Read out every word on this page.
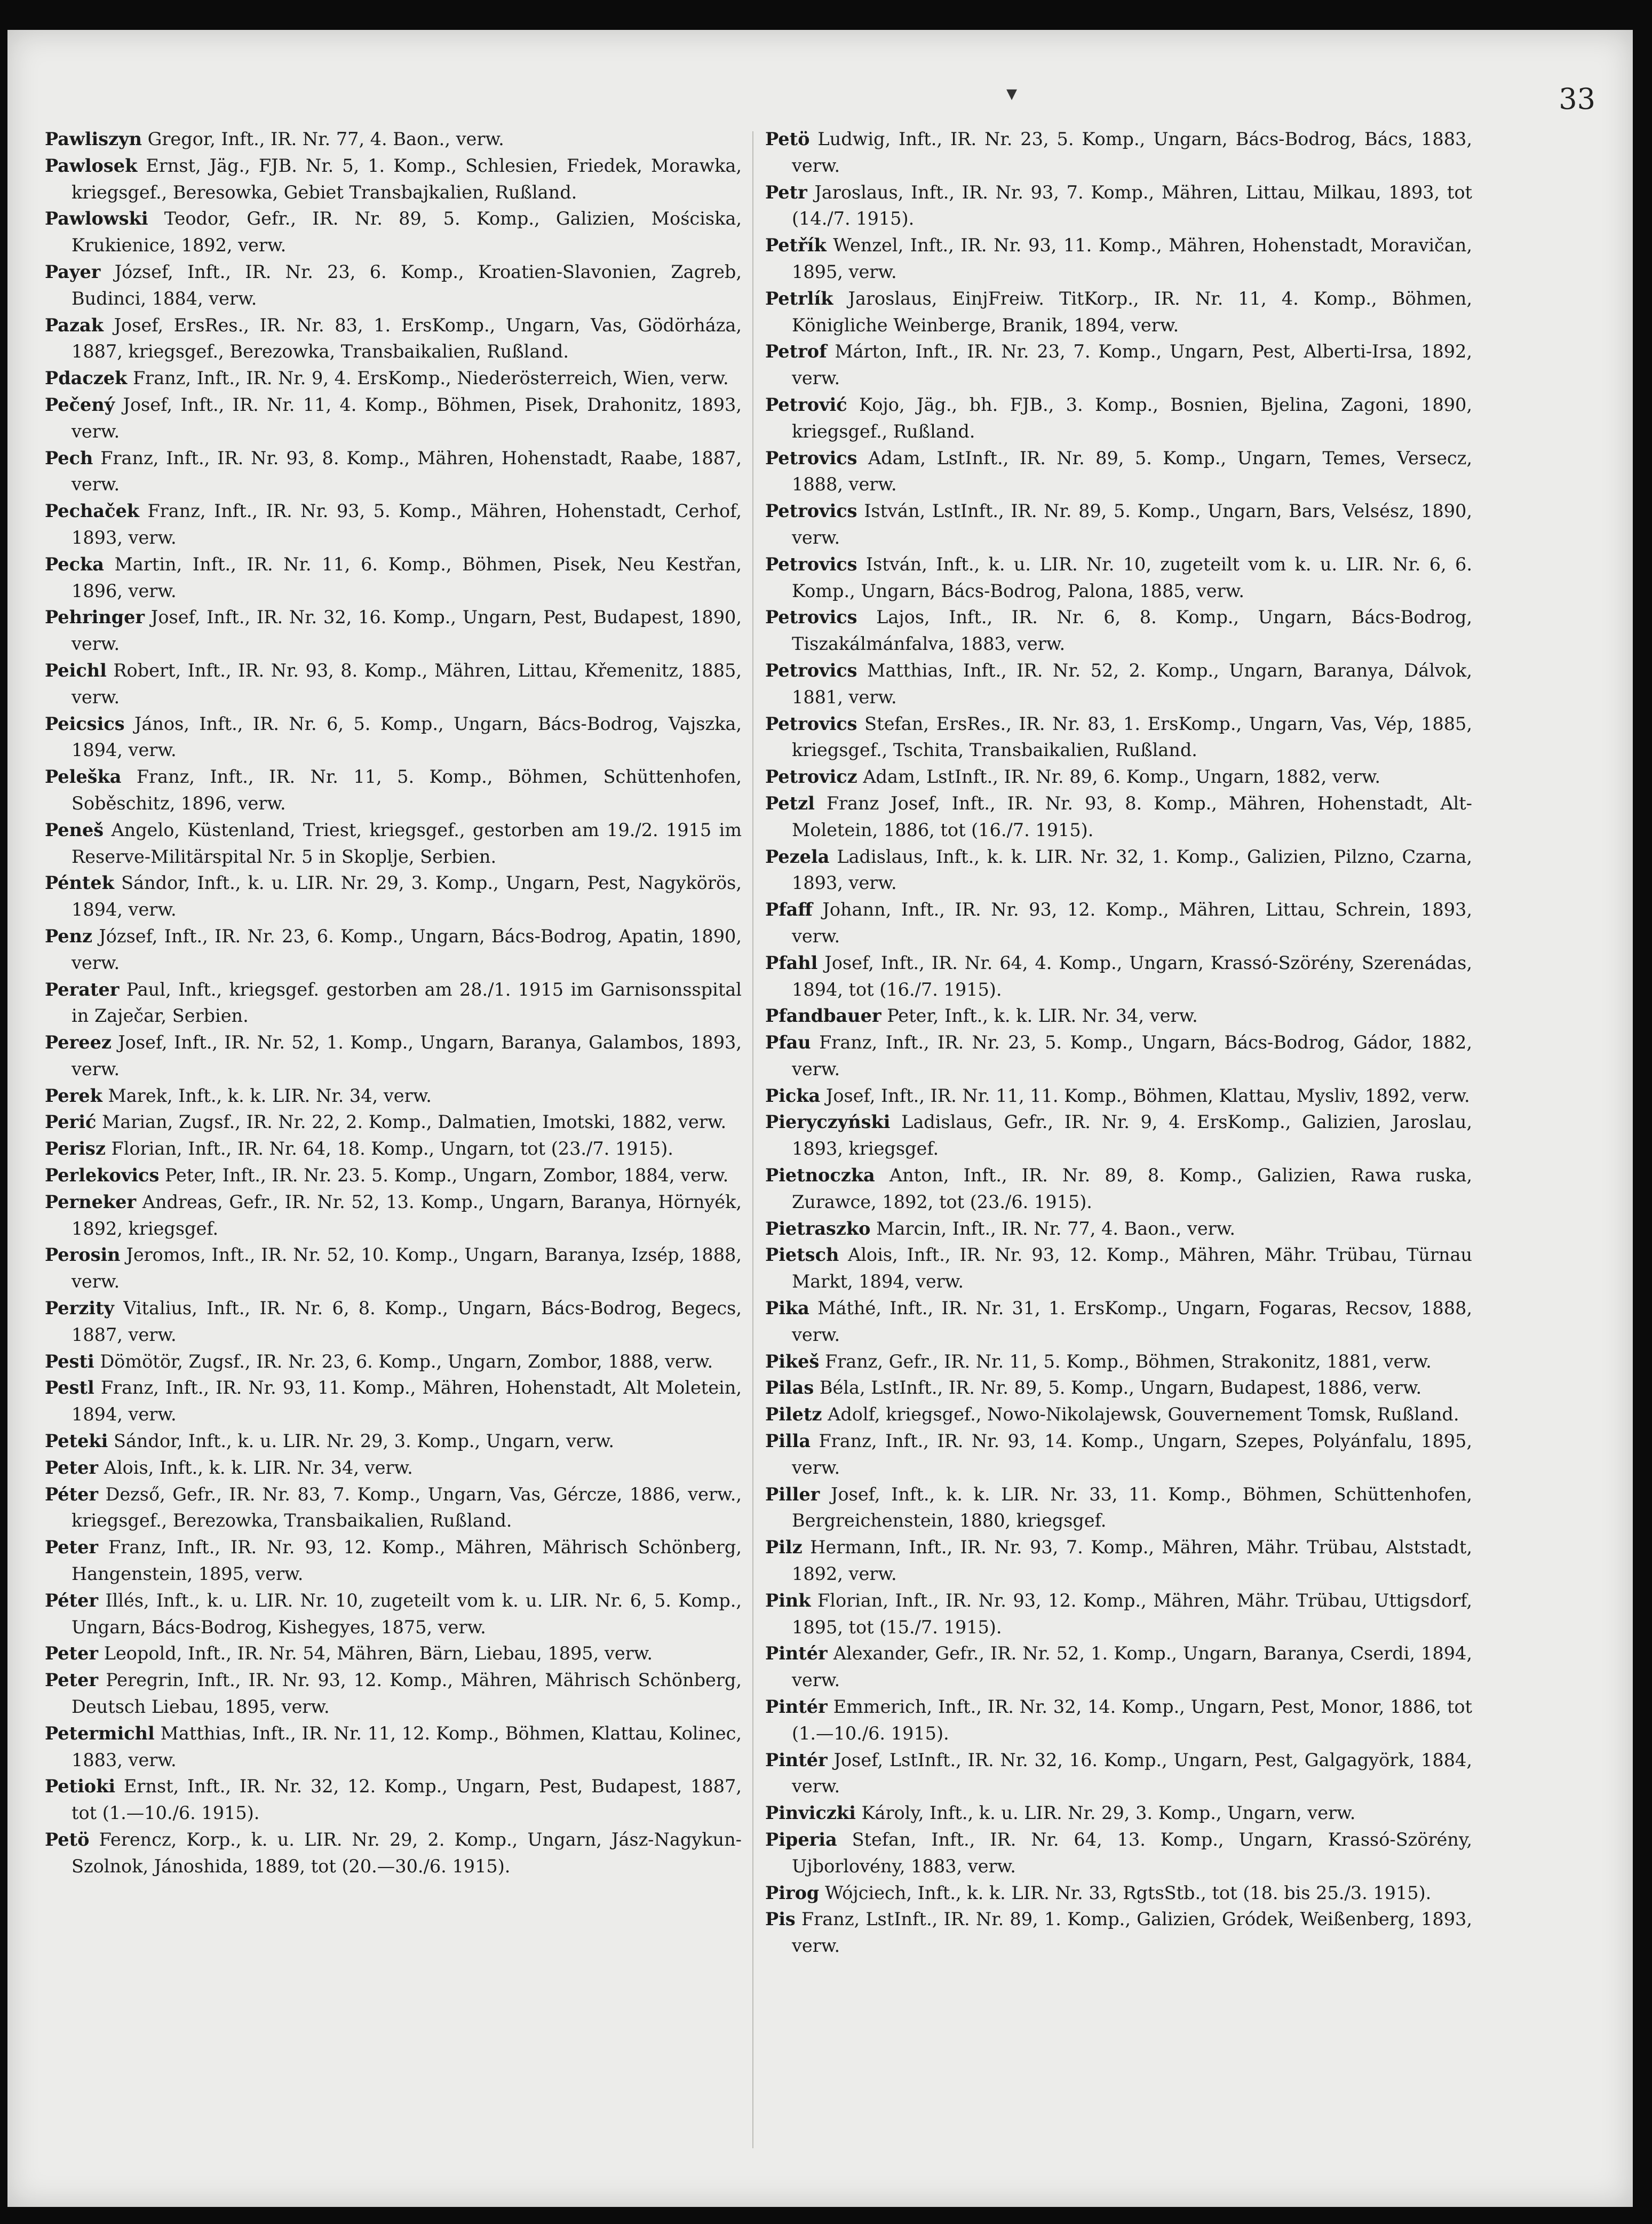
▾	33

Pawliszyn Gregor, Inft., IR. Nr. 77, 4. Baon., verw.

Pawlosek Ernst, Jäg., FJB. Nr. 5, 1. Komp., Schlesien, Friedek, Morawka, kriegsgef., Beresowka, Gebiet Transbajkalien, Rußland.

Pawlowski Teodor, Gefr., IR. Nr. 89, 5. Komp., Galizien, Mościska, Krukienice, 1892, verw.

Payer József, Inft., IR. Nr. 23, 6. Komp., Kroatien-Slavonien, Zagreb, Budinci, 1884, verw.

Pazak Josef, ErsRes., IR. Nr. 83, 1. ErsKomp., Ungarn, Vas, Gödörháza, 1887, kriegsgef., Berezowka, Transbaikalien, Rußland.

Pdaczek Franz, Inft., IR. Nr. 9, 4. ErsKomp., Niederösterreich, Wien, verw.

Pečený Josef, Inft., IR. Nr. 11, 4. Komp., Böhmen, Pisek, Drahonitz, 1893, verw.

Pech Franz, Inft., IR. Nr. 93, 8. Komp., Mähren, Hohenstadt, Raabe, 1887, verw.

Pechaček Franz, Inft., IR. Nr. 93, 5. Komp., Mähren, Hohenstadt, Cerhof, 1893, verw.

Pecka Martin, Inft., IR. Nr. 11, 6. Komp., Böhmen, Pisek, Neu Kestřan, 1896, verw.

Pehringer Josef, Inft., IR. Nr. 32, 16. Komp., Ungarn, Pest, Budapest, 1890, verw.

Peichl Robert, Inft., IR. Nr. 93, 8. Komp., Mähren, Littau, Křemenitz, 1885, verw.

Peicsics János, Inft., IR. Nr. 6, 5. Komp., Ungarn, Bács-Bodrog, Vajszka, 1894, verw.

Peleška Franz, Inft., IR. Nr. 11, 5. Komp., Böhmen, Schüttenhofen, Soběschitz, 1896, verw.

Peneš Angelo, Küstenland, Triest, kriegsgef., gestorben am 19./2. 1915 im Reserve-Militärspital Nr. 5 in Skoplje, Serbien.

Péntek Sándor, Inft., k. u. LIR. Nr. 29, 3. Komp., Ungarn, Pest, Nagykörös, 1894, verw.

Penz József, Inft., IR. Nr. 23, 6. Komp., Ungarn, Bács-Bodrog, Apatin, 1890, verw.

Perater Paul, Inft., kriegsgef. gestorben am 28./1. 1915 im Garnisonsspital in Zaječar, Serbien.

Pereez Josef, Inft., IR. Nr. 52, 1. Komp., Ungarn, Baranya, Galambos, 1893, verw.

Perek Marek, Inft., k. k. LIR. Nr. 34, verw.

Perić Marian, Zugsf., IR. Nr. 22, 2. Komp., Dalmatien, Imotski, 1882, verw.

Perisz Florian, Inft., IR. Nr. 64, 18. Komp., Ungarn, tot (23./7. 1915).

Perlekovics Peter, Inft., IR. Nr. 23. 5. Komp., Ungarn, Zombor, 1884, verw.

Perneker Andreas, Gefr., IR. Nr. 52, 13. Komp., Ungarn, Baranya, Hörnyék, 1892, kriegsgef.

Perosin Jeromos, Inft., IR. Nr. 52, 10. Komp., Ungarn, Baranya, Izsép, 1888, verw.

Perzity Vitalius, Inft., IR. Nr. 6, 8. Komp., Ungarn, Bács-Bodrog, Begecs, 1887, verw.

Pesti Dömötör, Zugsf., IR. Nr. 23, 6. Komp., Ungarn, Zombor, 1888, verw.

Pestl Franz, Inft., IR. Nr. 93, 11. Komp., Mähren, Hohenstadt, Alt Moletein, 1894, verw.

Peteki Sándor, Inft., k. u. LIR. Nr. 29, 3. Komp., Ungarn, verw.

Peter Alois, Inft., k. k. LIR. Nr. 34, verw.

Péter Dezső, Gefr., IR. Nr. 83, 7. Komp., Ungarn, Vas, Gércze, 1886, verw., kriegsgef., Berezowka, Transbaikalien, Rußland.

Peter Franz, Inft., IR. Nr. 93, 12. Komp., Mähren, Mährisch Schönberg, Hangenstein, 1895, verw.

Péter Illés, Inft., k. u. LIR. Nr. 10, zugeteilt vom k. u. LIR. Nr. 6, 5. Komp., Ungarn, Bács-Bodrog, Kishegyes, 1875, verw.

Peter Leopold, Inft., IR. Nr. 54, Mähren, Bärn, Liebau, 1895, verw.

Peter Peregrin, Inft., IR. Nr. 93, 12. Komp., Mähren, Mährisch Schönberg, Deutsch Liebau, 1895, verw.

Petermichl Matthias, Inft., IR. Nr. 11, 12. Komp., Böhmen, Klattau, Kolinec, 1883, verw.

Petioki Ernst, Inft., IR. Nr. 32, 12. Komp., Ungarn, Pest, Budapest, 1887, tot (1.—10./6. 1915).

Petö Ferencz, Korp., k. u. LIR. Nr. 29, 2. Komp., Ungarn, Jász-Nagykun-Szolnok, Jánoshida, 1889, tot (20.—30./6. 1915).

Petö Ludwig, Inft., IR. Nr. 23, 5. Komp., Ungarn, Bács-Bodrog, Bács, 1883, verw.

Petr Jaroslaus, Inft., IR. Nr. 93, 7. Komp., Mähren, Littau, Milkau, 1893, tot (14./7. 1915).

Petřík Wenzel, Inft., IR. Nr. 93, 11. Komp., Mähren, Hohenstadt, Moravičan, 1895, verw.

Petrlík Jaroslaus, EinjFreiw. TitKorp., IR. Nr. 11, 4. Komp., Böhmen, Königliche Weinberge, Branik, 1894, verw.

Petrof Márton, Inft., IR. Nr. 23, 7. Komp., Ungarn, Pest, Alberti-Irsa, 1892, verw.

Petrović Kojo, Jäg., bh. FJB., 3. Komp., Bosnien, Bjelina, Zagoni, 1890, kriegsgef., Rußland.

Petrovics Adam, LstInft., IR. Nr. 89, 5. Komp., Ungarn, Temes, Versecz, 1888, verw.

Petrovics István, LstInft., IR. Nr. 89, 5. Komp., Ungarn, Bars, Velsész, 1890, verw.

Petrovics István, Inft., k. u. LIR. Nr. 10, zugeteilt vom k. u. LIR. Nr. 6, 6. Komp., Ungarn, Bács-Bodrog, Palona, 1885, verw.

Petrovics Lajos, Inft., IR. Nr. 6, 8. Komp., Ungarn, Bács-Bodrog, Tiszakálmánfalva, 1883, verw.

Petrovics Matthias, Inft., IR. Nr. 52, 2. Komp., Ungarn, Baranya, Dálvok, 1881, verw.

Petrovics Stefan, ErsRes., IR. Nr. 83, 1. ErsKomp., Ungarn, Vas, Vép, 1885, kriegsgef., Tschita, Transbaikalien, Rußland.

Petrovicz Adam, LstInft., IR. Nr. 89, 6. Komp., Ungarn, 1882, verw.

Petzl Franz Josef, Inft., IR. Nr. 93, 8. Komp., Mähren, Hohenstadt, Alt-Moletein, 1886, tot (16./7. 1915).

Pezela Ladislaus, Inft., k. k. LIR. Nr. 32, 1. Komp., Galizien, Pilzno, Czarna, 1893, verw.

Pfaff Johann, Inft., IR. Nr. 93, 12. Komp., Mähren, Littau, Schrein, 1893, verw.

Pfahl Josef, Inft., IR. Nr. 64, 4. Komp., Ungarn, Krassó-Szörény, Szerenádas, 1894, tot (16./7. 1915).

Pfandbauer Peter, Inft., k. k. LIR. Nr. 34, verw.

Pfau Franz, Inft., IR. Nr. 23, 5. Komp., Ungarn, Bács-Bodrog, Gádor, 1882, verw.

Picka Josef, Inft., IR. Nr. 11, 11. Komp., Böhmen, Klattau, Mysliv, 1892, verw.

Pieryczyński Ladislaus, Gefr., IR. Nr. 9, 4. ErsKomp., Galizien, Jaroslau, 1893, kriegsgef.

Pietnoczka Anton, Inft., IR. Nr. 89, 8. Komp., Galizien, Rawa ruska, Zurawce, 1892, tot (23./6. 1915).

Pietraszko Marcin, Inft., IR. Nr. 77, 4. Baon., verw.

Pietsch Alois, Inft., IR. Nr. 93, 12. Komp., Mähren, Mähr. Trübau, Türnau Markt, 1894, verw.

Pika Máthé, Inft., IR. Nr. 31, 1. ErsKomp., Ungarn, Fogaras, Recsov, 1888, verw.

Pikeš Franz, Gefr., IR. Nr. 11, 5. Komp., Böhmen, Strakonitz, 1881, verw.

Pilas Béla, LstInft., IR. Nr. 89, 5. Komp., Ungarn, Budapest, 1886, verw.

Piletz Adolf, kriegsgef., Nowo-Nikolajewsk, Gouvernement Tomsk, Rußland.

Pilla Franz, Inft., IR. Nr. 93, 14. Komp., Ungarn, Szepes, Polyánfalu, 1895, verw.

Piller Josef, Inft., k. k. LIR. Nr. 33, 11. Komp., Böhmen, Schüttenhofen, Bergreichenstein, 1880, kriegsgef.

Pilz Hermann, Inft., IR. Nr. 93, 7. Komp., Mähren, Mähr. Trübau, Alststadt, 1892, verw.

Pink Florian, Inft., IR. Nr. 93, 12. Komp., Mähren, Mähr. Trübau, Uttigsdorf, 1895, tot (15./7. 1915).

Pintér Alexander, Gefr., IR. Nr. 52, 1. Komp., Ungarn, Baranya, Cserdi, 1894, verw.

Pintér Emmerich, Inft., IR. Nr. 32, 14. Komp., Ungarn, Pest, Monor, 1886, tot (1.—10./6. 1915).

Pintér Josef, LstInft., IR. Nr. 32, 16. Komp., Ungarn, Pest, Galgagyörk, 1884, verw.

Pinviczki Károly, Inft., k. u. LIR. Nr. 29, 3. Komp., Ungarn, verw.

Piperia Stefan, Inft., IR. Nr. 64, 13. Komp., Ungarn, Krassó-Szörény, Ujborlovény, 1883, verw.

Pirog Wójciech, Inft., k. k. LIR. Nr. 33, RgtsStb., tot (18. bis 25./3. 1915).

Pis Franz, LstInft., IR. Nr. 89, 1. Komp., Galizien, Gródek, Weißenberg, 1893, verw.
